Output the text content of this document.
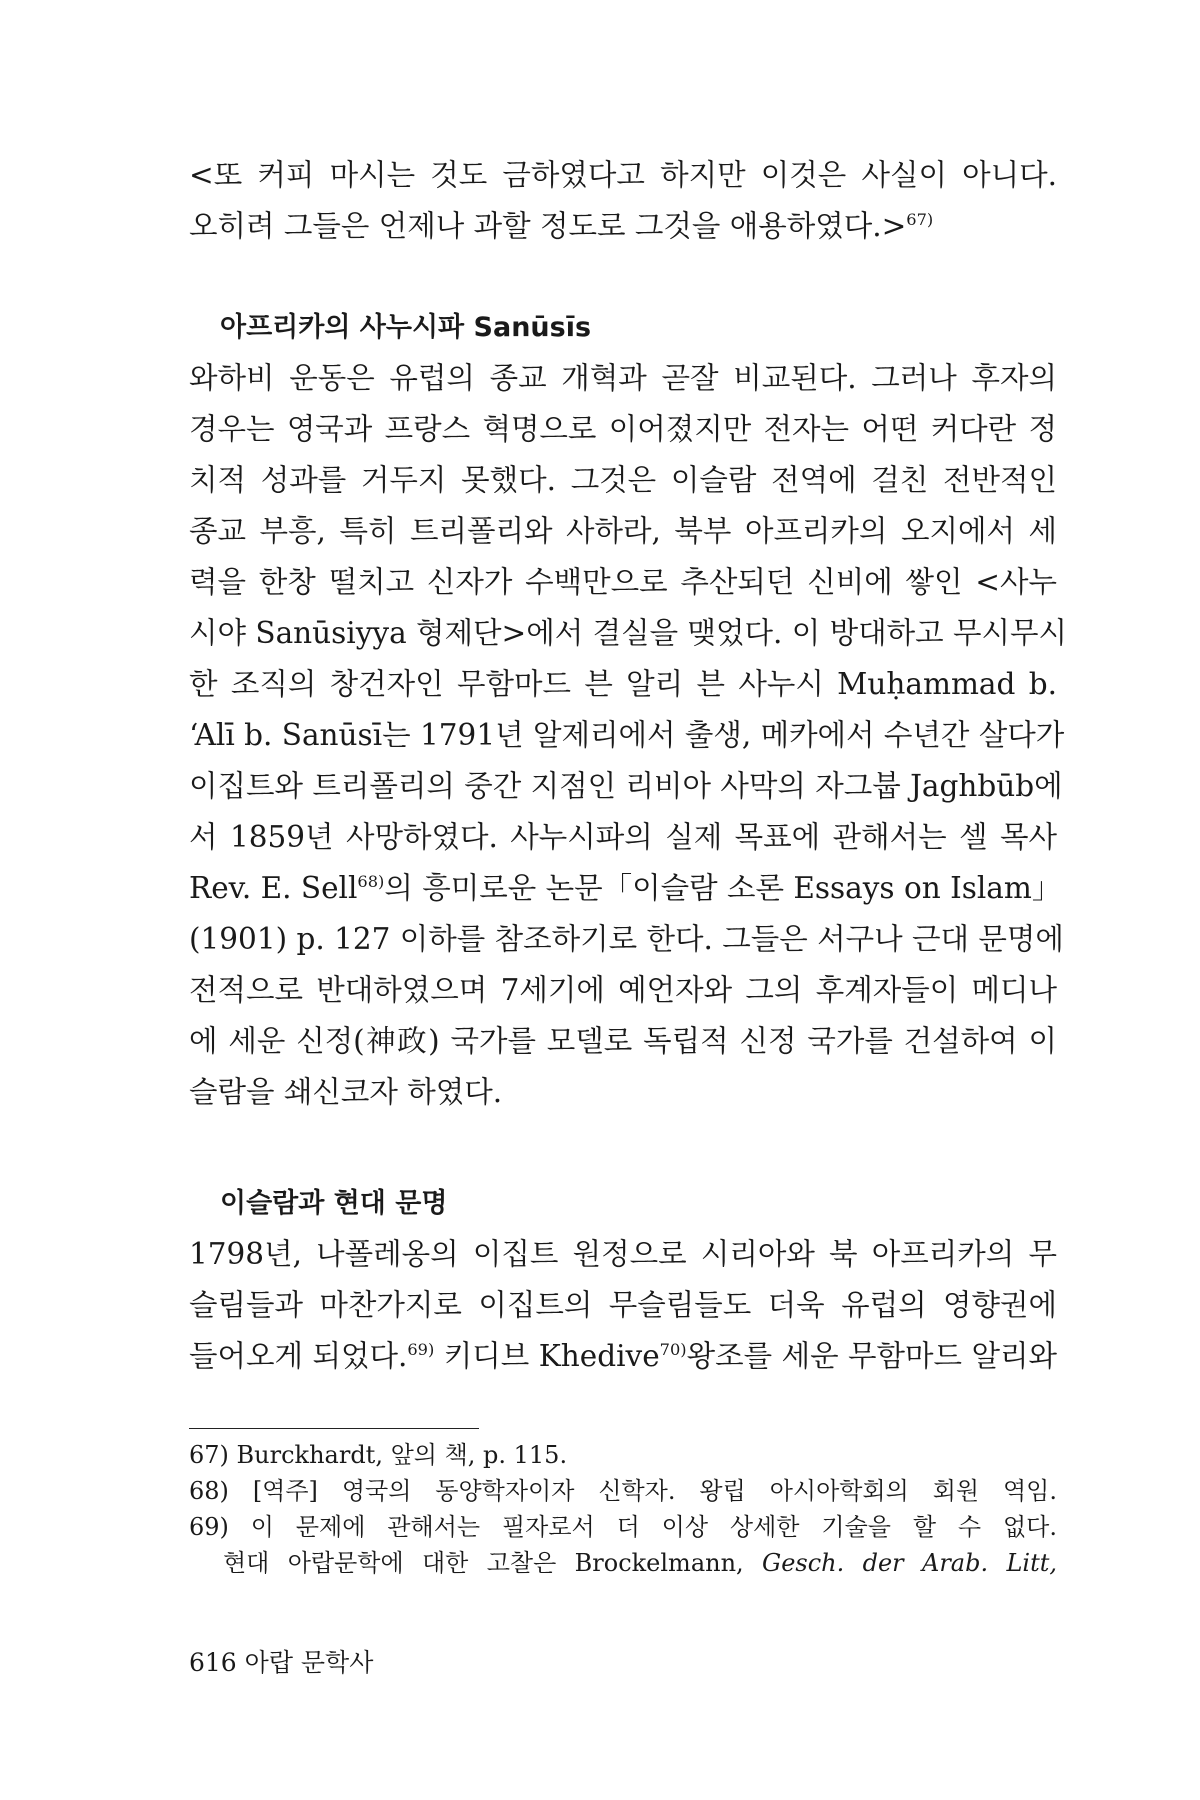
<또 커피 마시는 것도 금하였다고 하지만 이것은 사실이 아니다.

오히려 그들은 언제나 과할 정도로 그것을 애용하였다.>$^{67)}$

아프리카의 사누시파 Sanūsīs

와하비 운동은 유럽의 종교 개혁과 곧잘 비교된다. 그러나 후자의

경우는 영국과 프랑스 혁명으로 이어졌지만 전자는 어떤 커다란 정

치적 성과를 거두지 못했다. 그것은 이슬람 전역에 걸친 전반적인

종교 부흥, 특히 트리폴리와 사하라, 북부 아프리카의 오지에서 세

력을 한창 떨치고 신자가 수백만으로 추산되던 신비에 쌓인 <사누

시야 Sanūsiyya 형제단>에서 결실을 맺었다. 이 방대하고 무시무시

한 조직의 창건자인 무함마드 븐 알리 븐 사누시 Muḥammad b.

ʻAlī b. Sanūsī는 1791년 알제리에서 출생, 메카에서 수년간 살다가

이집트와 트리폴리의 중간 지점인 리비아 사막의 자그붑 Jaghbūb에

서 1859년 사망하였다. 사누시파의 실제 목표에 관해서는 셀 목사

Rev. E. Sell$^{68)}$의 흥미로운 논문「이슬람 소론 Essays on Islam」

(1901) p. 127 이하를 참조하기로 한다. 그들은 서구나 근대 문명에

전적으로 반대하였으며 7세기에 예언자와 그의 후계자들이 메디나

에 세운 신정(神政) 국가를 모델로 독립적 신정 국가를 건설하여 이

슬람을 쇄신코자 하였다.

이슬람과 현대 문명

1798년, 나폴레옹의 이집트 원정으로 시리아와 북 아프리카의 무

슬림들과 마찬가지로 이집트의 무슬림들도 더욱 유럽의 영향권에

들어오게 되었다.$^{69)}$ 키디브 Khedive$^{70)}$왕조를 세운 무함마드 알리와

67) Burckhardt, 앞의 책, p. 115.

68) [역주] 영국의 동양학자이자 신학자. 왕립 아시아학회의 회원 역임.

69) 이 문제에 관해서는 필자로서 더 이상 상세한 기술을 할 수 없다.

현대 아랍문학에 대한 고찰은 Brockelmann, Gesch. der Arab. Litt,

616 아랍 문학사
